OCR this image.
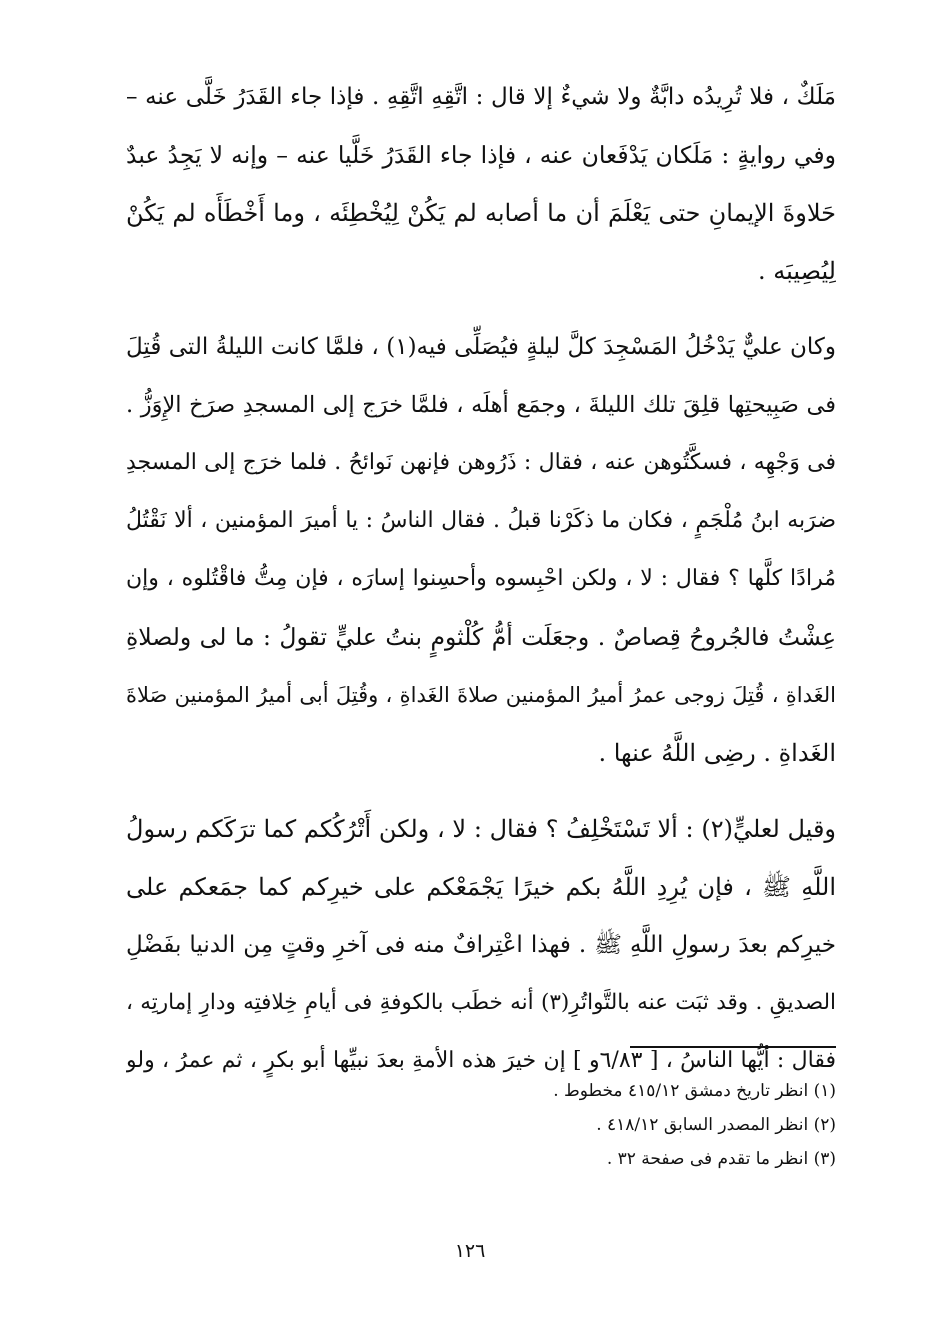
مَلَكٌ ، فلا تُرِيدُه دابَّةٌ ولا شيءٌ إلا قال : اتَّقِهِ اتَّقِهِ . فإذا جاء القَدَرُ خَلَّى عنه –
وفي روايةٍ : مَلَكان يَدْفَعان عنه ، فإذا جاء القَدَرُ خَلَّيا عنه – وإنه لا يَجِدُ عبدٌ
حَلاوةَ الإيمانِ حتى يَعْلَمَ أن ما أصابه لم يَكُنْ لِيُخْطِئَه ، وما أَخْطَأَه لم يَكُنْ
لِيُصِيبَه .
وكان عليٌّ يَدْخُلُ المَسْجِدَ كلَّ ليلةٍ فيُصَلِّى فيه(١) ، فلمَّا كانت الليلةُ التى قُتِلَ
فى صَبِيحتِها قلِقَ تلك الليلةَ ، وجمَع أهلَه ، فلمَّا خرَج إلى المسجدِ صرَخ الإِوَزُّ .
فى وَجْهِه ، فسكَّتُوهن عنه ، فقال : ذَرُوهن فإنهن نَوائحُ . فلما خرَج إلى المسجدِ
ضرَبه ابنُ مُلْجَمٍ ، فكان ما ذكَرْنا قبلُ . فقال الناسُ : يا أميرَ المؤمنين ، ألا نَقْتُلُ
مُرادًا كلَّها ؟ فقال : لا ، ولكن احْبِسوه وأحسِنوا إسارَه ، فإن مِتُّ فاقْتُلوه ، وإن
عِشْتُ فالجُروحُ قِصاصٌ . وجعَلَت أمُّ كُلْثومٍ بنتُ عليٍّ تقولُ : ما لى ولصلاةِ
الغَداةِ ، قُتِلَ زوجى عمرُ أميرُ المؤمنين صلاةَ الغَداةِ ، وقُتِلَ أبى أميرُ المؤمنين صَلاةَ
الغَداةِ . رضِى اللَّهُ عنها .
وقيل لعليٍّ(٢) : ألا تَسْتَخْلِفُ ؟ فقال : لا ، ولكن أَتْرُكُكم كما ترَكَكم رسولُ
اللَّهِ ﷺ ، فإن يُرِدِ اللَّهُ بكم خيرًا يَجْمَعْكم على خيرِكم كما جمَعكم على
خيرِكم بعدَ رسولِ اللَّهِ ﷺ . فهذا اعْتِرافٌ منه فى آخرِ وقتٍ مِن الدنيا بفَضْلِ
الصديقِ . وقد ثبَت عنه بالتَّواتُرِ(٣) أنه خطَب بالكوفةِ فى أيامِ خِلافتِه ودارِ إمارتِه ،
فقال : أيُّها الناسُ ، [ ٦/٨٣و ] إن خيرَ هذه الأمةِ بعدَ نبيِّها أبو بكرٍ ، ثم عمرُ ، ولو
(١) انظر تاريخ دمشق ٤١٥/١٢ مخطوط .
(٢) انظر المصدر السابق ٤١٨/١٢ .
(٣) انظر ما تقدم فى صفحة ٣٢ .
١٢٦
